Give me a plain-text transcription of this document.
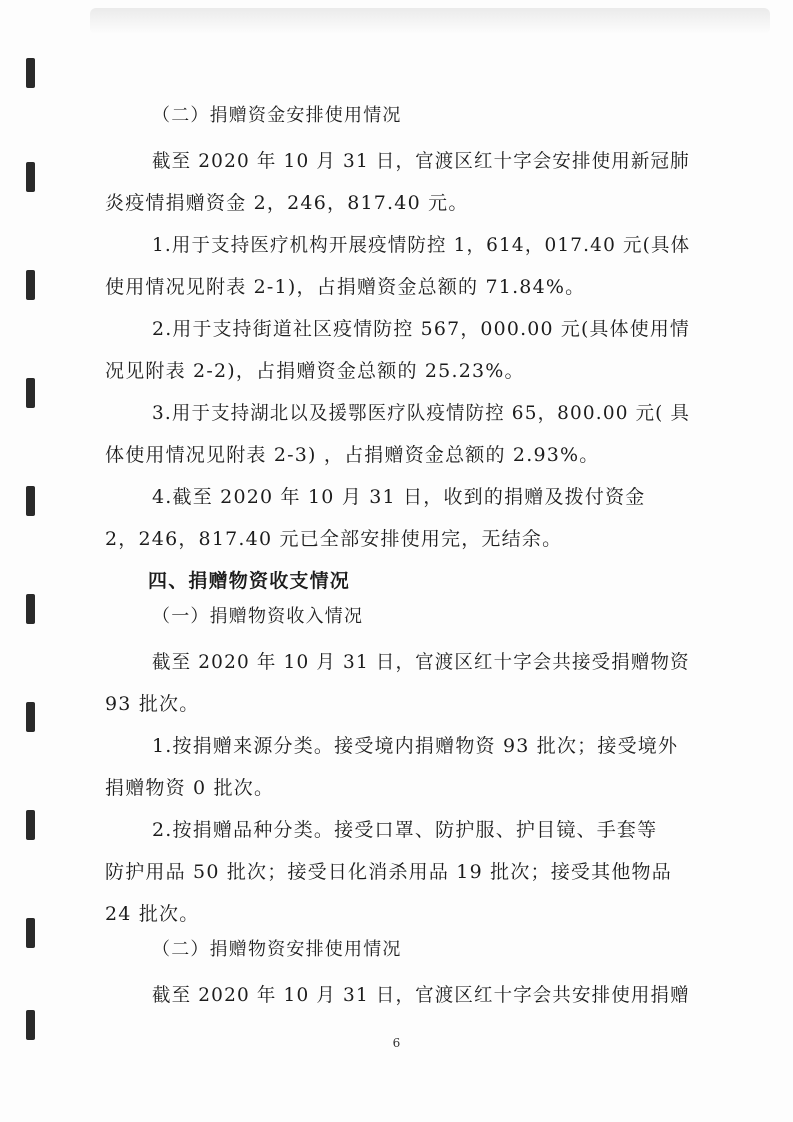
（二）捐赠资金安排使用情况
截至 2020 年 10 月 31 日，官渡区红十字会安排使用新冠肺
炎疫情捐赠资金 2，246，817.40 元。
1.用于支持医疗机构开展疫情防控 1，614，017.40 元(具体
使用情况见附表 2-1)，占捐赠资金总额的 71.84%。
2.用于支持街道社区疫情防控 567，000.00 元(具体使用情
况见附表 2-2)，占捐赠资金总额的 25.23%。
3.用于支持湖北以及援鄂医疗队疫情防控 65，800.00 元( 具
体使用情况见附表 2-3) ，占捐赠资金总额的 2.93%。
4.截至 2020 年 10 月 31 日，收到的捐赠及拨付资金
2，246，817.40 元已全部安排使用完，无结余。
四、捐赠物资收支情况
（一）捐赠物资收入情况
截至 2020 年 10 月 31 日，官渡区红十字会共接受捐赠物资
93 批次。
1.按捐赠来源分类。接受境内捐赠物资 93 批次；接受境外
捐赠物资 0 批次。
2.按捐赠品种分类。接受口罩、防护服、护目镜、手套等
防护用品 50 批次；接受日化消杀用品 19 批次；接受其他物品
24 批次。
（二）捐赠物资安排使用情况
截至 2020 年 10 月 31 日，官渡区红十字会共安排使用捐赠
6
